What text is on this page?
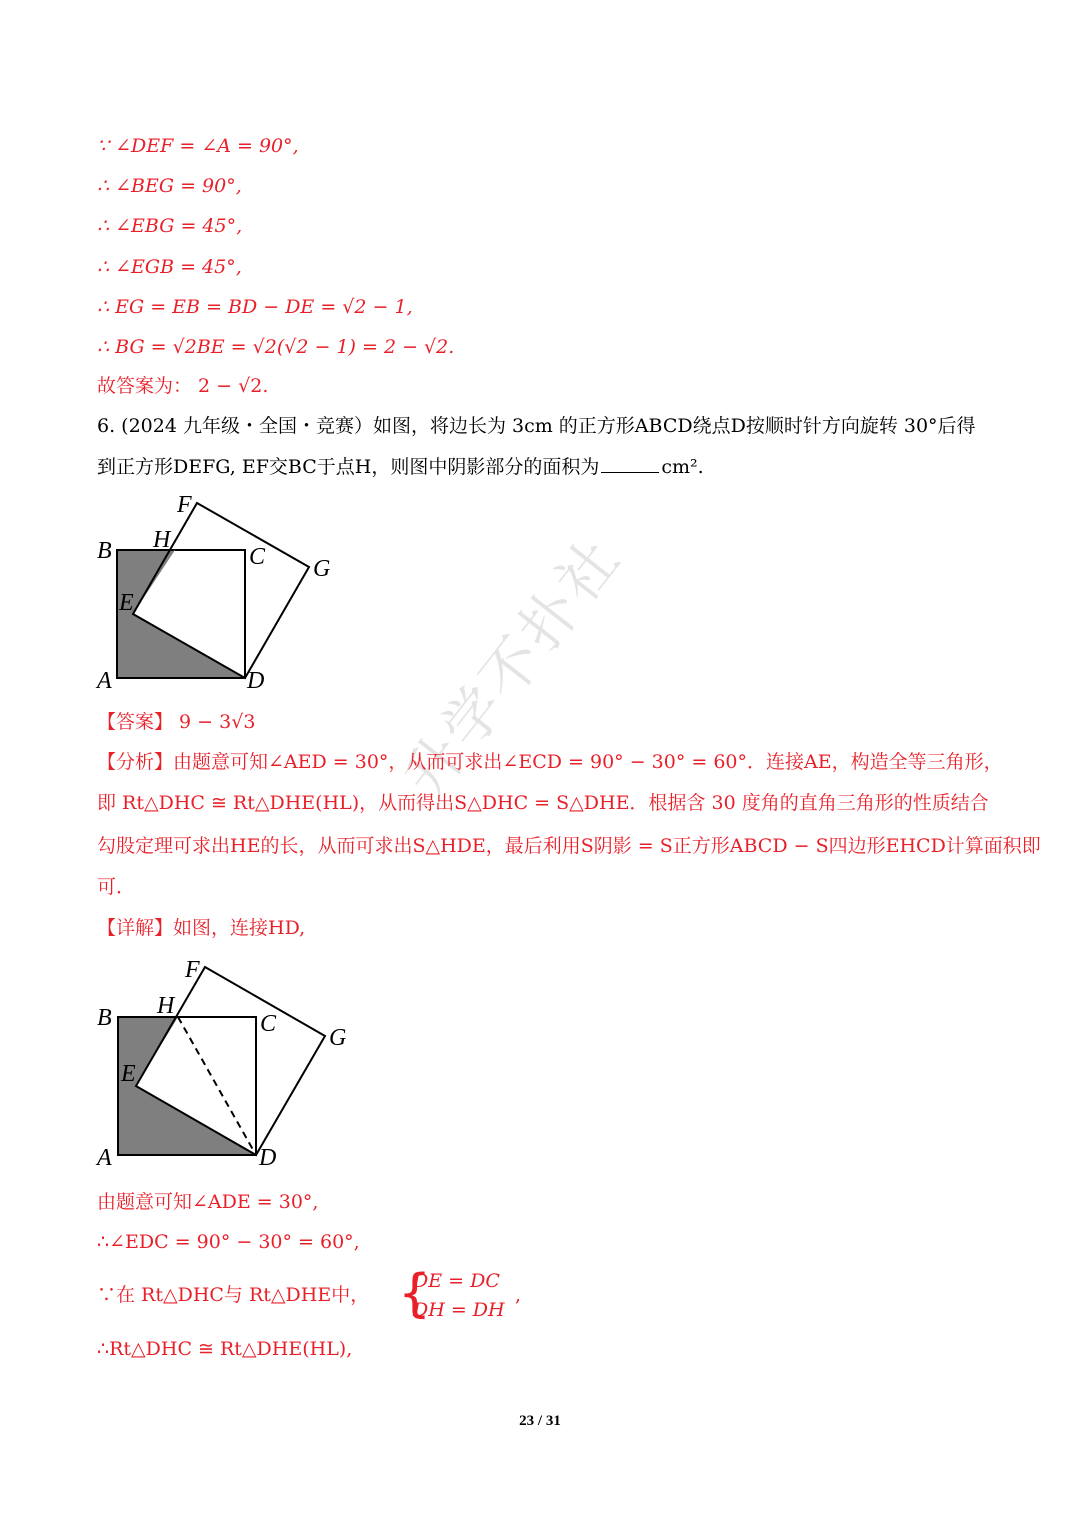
升学不扑社
∵ ∠DEF = ∠A = 90°,
∴ ∠BEG = 90°,
∴ ∠EBG = 45°,
∴ ∠EGB = 45°,
∴ EG = EB = BD − DE = √2 − 1,
∴ BG = √2BE = √2(√2 − 1) = 2 − √2.
故答案为： 2 − √2.
6. (2024 九年级・全国・竞赛）如图，将边长为 3cm 的正方形ABCD绕点D按顺时针方向旋转 30°后得
到正方形DEFG, EF交BC于点H，则图中阴影部分的面积为	cm².
F
H
B	C G
E
A	D
【答案】 9 − 3√3
【分析】由题意可知∠AED = 30°，从而可求出∠ECD = 90° − 30° = 60°．连接AE，构造全等三角形，
即 Rt△DHC ≅ Rt△DHE(HL)，从而得出S△DHC = S△DHE．根据含 30 度角的直角三角形的性质结合
勾股定理可求出HE的长，从而可求出S△HDE，最后利用S阴影 = S正方形ABCD − S四边形EHCD计算面积即
可．
【详解】如图，连接HD,
F
H
B	C
G
E
A	D
由题意可知∠ADE = 30°,
∴∠EDC = 90° − 30° = 60°,
∵在 Rt△DHC与 Rt△DHE中， {
DE = DC
DH = DH
,
∴Rt△DHC ≅ Rt△DHE(HL),
23 / 31
